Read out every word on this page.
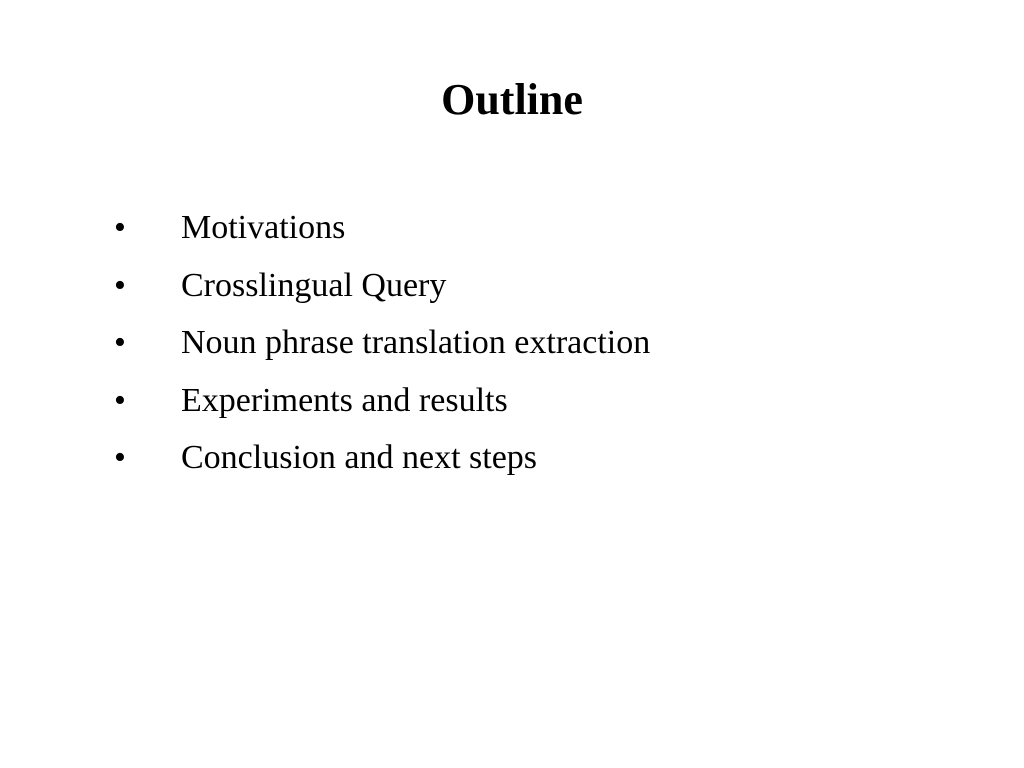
Outline
•	Motivations
•	Crosslingual Query
•	Noun phrase translation extraction
•	Experiments and results
•	Conclusion and next steps
